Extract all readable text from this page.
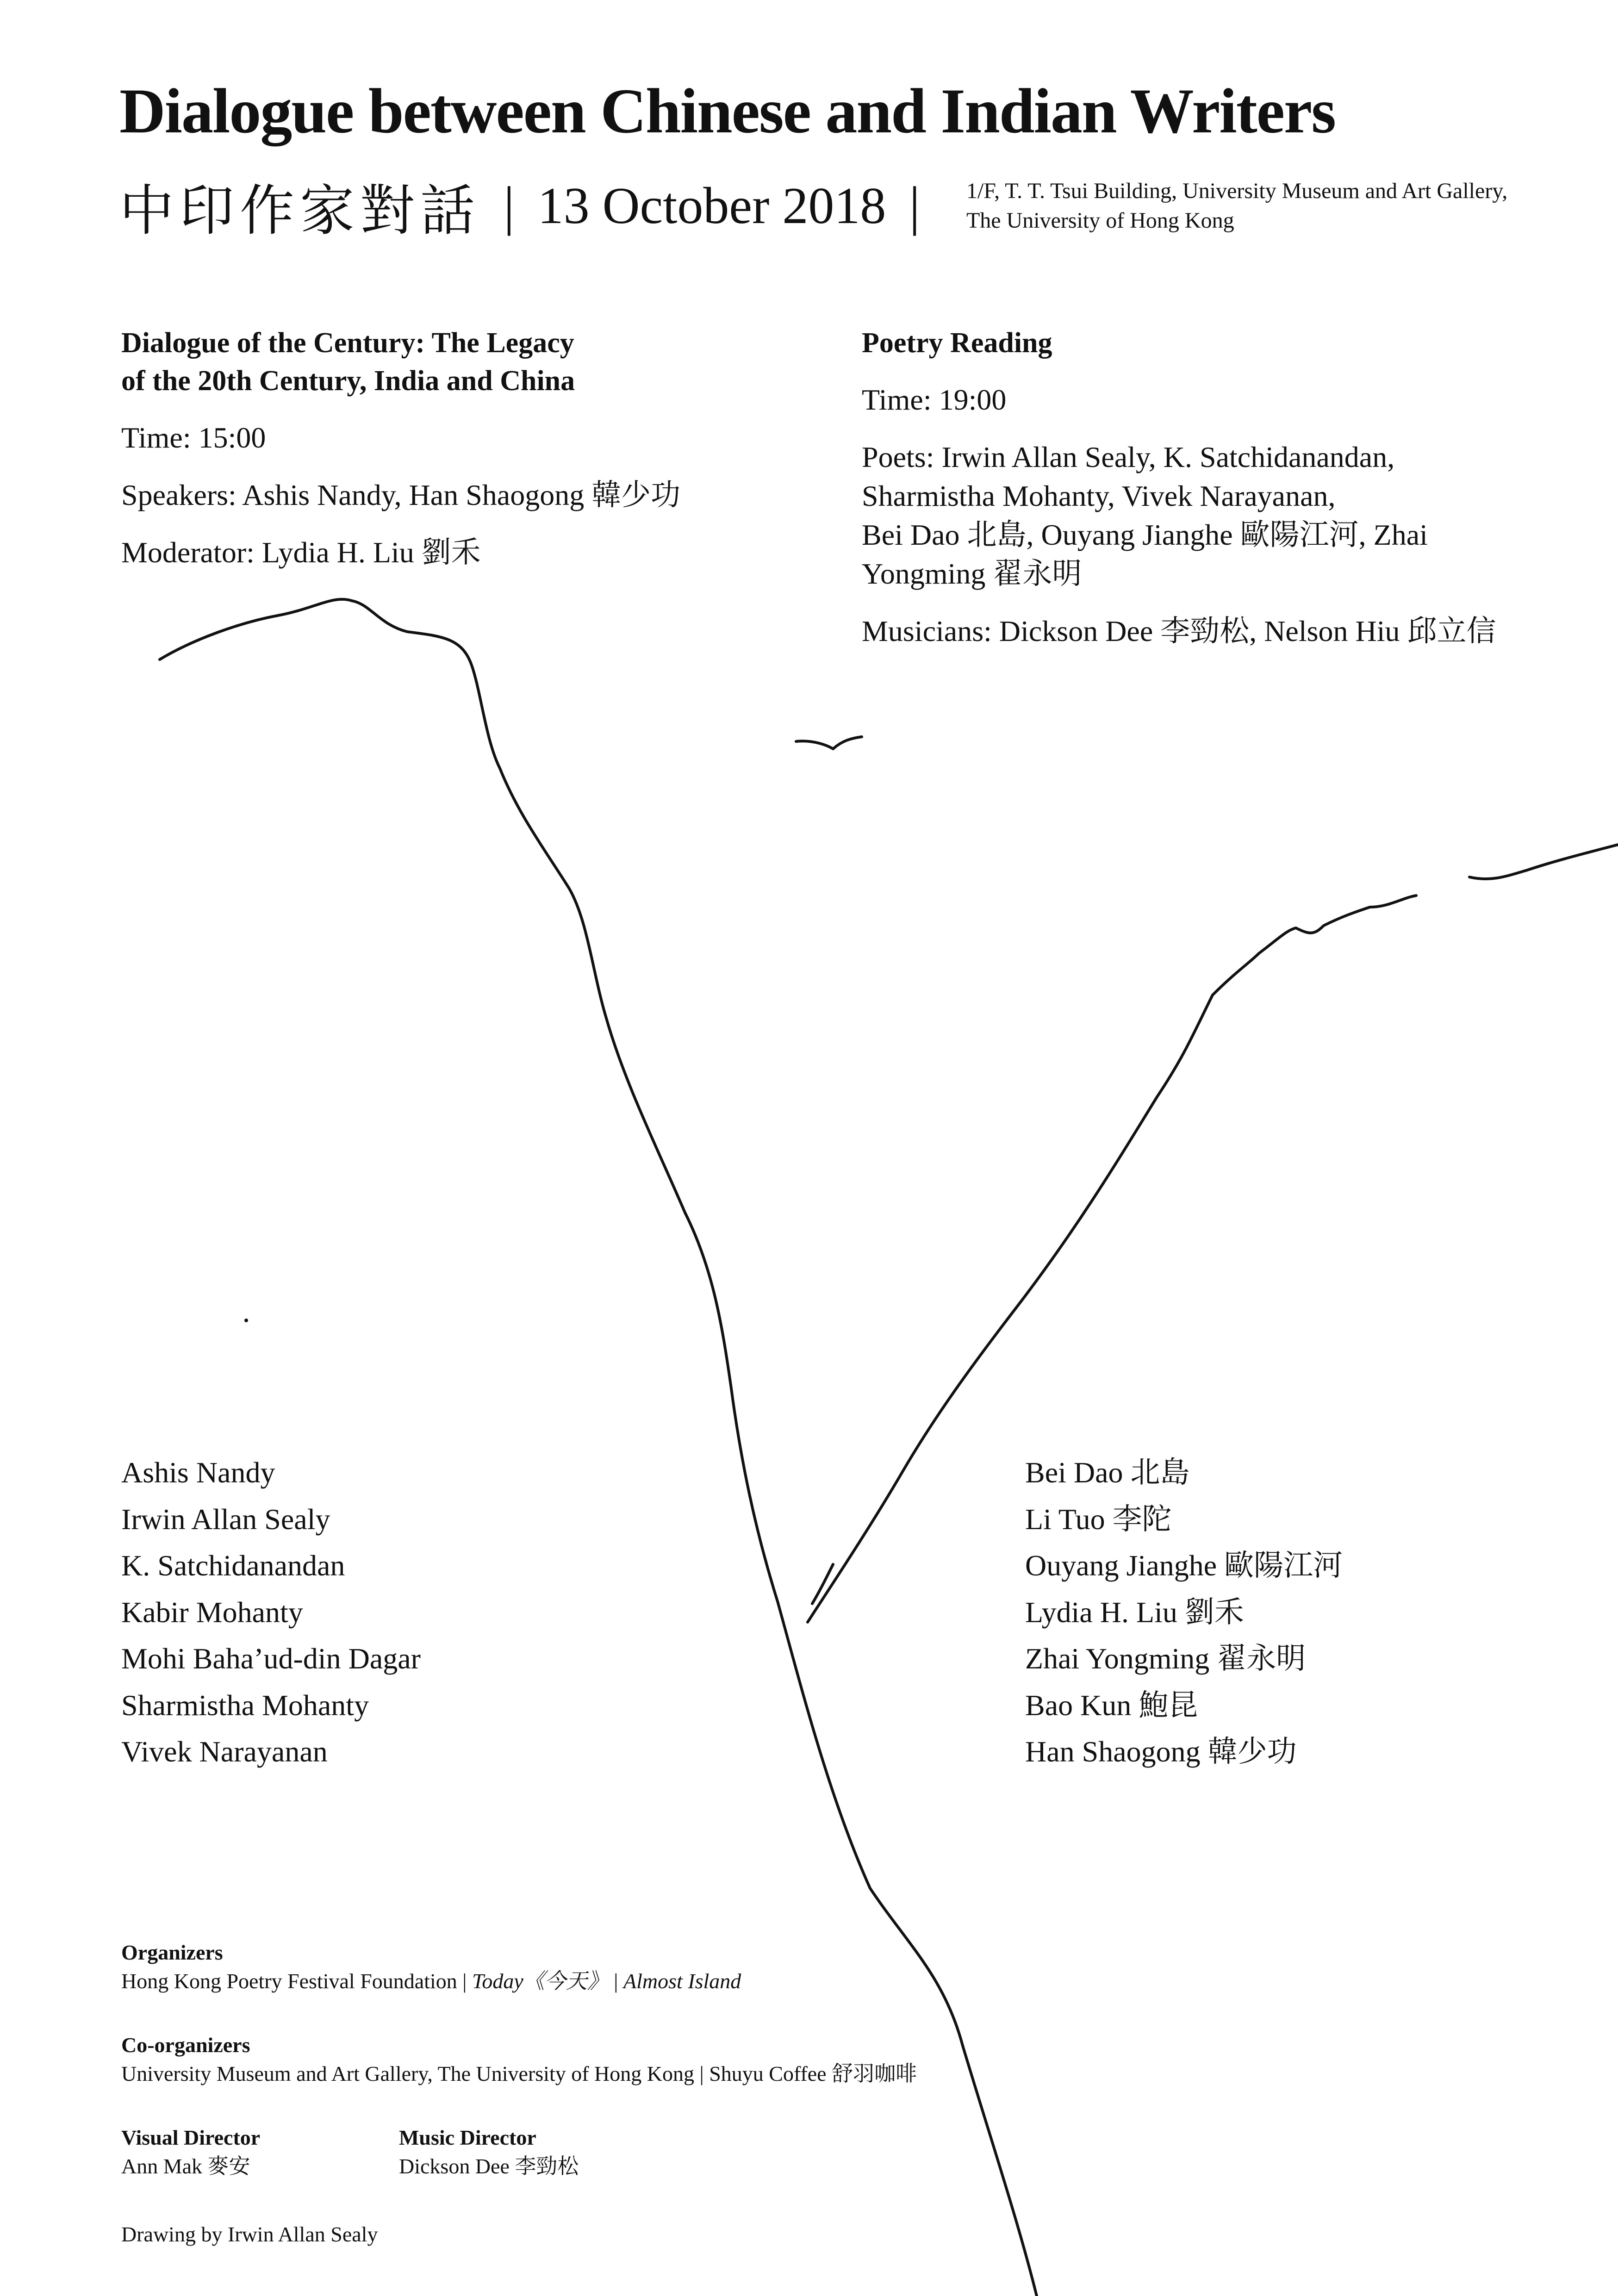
Dialogue between Chinese and Indian Writers
中印作家對話 | 13 October 2018 | 1/F, T. T. Tsui Building, University Museum and Art Gallery,
The University of Hong Kong
Dialogue of the Century: The Legacy
of the 20th Century, India and China
Time: 15:00
Speakers: Ashis Nandy, Han Shaogong 韓少功
Moderator: Lydia H. Liu 劉禾
Poetry Reading
Time: 19:00
Poets: Irwin Allan Sealy, K. Satchidanandan,
Sharmistha Mohanty, Vivek Narayanan,
Bei Dao 北島, Ouyang Jianghe 歐陽江河, Zhai
Yongming 翟永明
Musicians: Dickson Dee 李勁松, Nelson Hiu 邱立信
Ashis Nandy
Irwin Allan Sealy
K. Satchidanandan
Kabir Mohanty
Mohi Baha’ud-din Dagar
Sharmistha Mohanty
Vivek Narayanan
Bei Dao 北島
Li Tuo 李陀
Ouyang Jianghe 歐陽江河
Lydia H. Liu 劉禾
Zhai Yongming 翟永明
Bao Kun 鮑昆
Han Shaogong 韓少功
Organizers
Hong Kong Poetry Festival Foundation | Today《今天》 | Almost Island
Co-organizers
University Museum and Art Gallery, The University of Hong Kong | Shuyu Coffee 舒羽咖啡
Visual Director
Ann Mak 麥安
Music Director
Dickson Dee 李勁松
Drawing by Irwin Allan Sealy
